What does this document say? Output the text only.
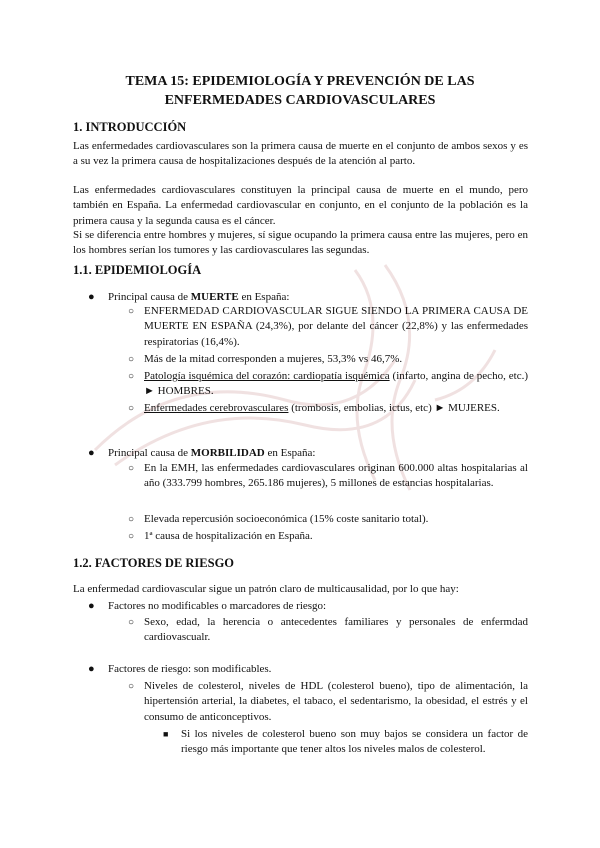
TEMA 15: EPIDEMIOLOGÍA Y PREVENCIÓN DE LAS
ENFERMEDADES CARDIOVASCULARES
1. INTRODUCCIÓN
Las enfermedades cardiovasculares son la primera causa de muerte en el conjunto de ambos sexos y es a su vez la primera causa de hospitalizaciones después de la atención al parto.
Las enfermedades cardiovasculares constituyen la principal causa de muerte en el mundo, pero también en España. La enfermedad cardiovascular en conjunto, en el conjunto de la población es la primera causa y la segunda causa es el cáncer.
Si se diferencia entre hombres y mujeres, sí sigue ocupando la primera causa entre las mujeres, pero en los hombres serían los tumores y las cardiovasculares las segundas.
1.1. EPIDEMIOLOGÍA
● Principal causa de MUERTE en España:
○ ENFERMEDAD CARDIOVASCULAR SIGUE SIENDO LA PRIMERA CAUSA DE MUERTE EN ESPAÑA (24,3%), por delante del cáncer (22,8%) y las enfermedades respiratorias (16,4%).
○ Más de la mitad corresponden a mujeres, 53,3% vs 46,7%.
○ Patología isquémica del corazón: cardiopatía isquémica (infarto, angina de pecho, etc.) ► HOMBRES.
○ Enfermedades cerebrovasculares (trombosis, embolias, ictus, etc) ► MUJERES.
● Principal causa de MORBILIDAD en España:
○ En la EMH, las enfermedades cardiovasculares originan 600.000 altas hospitalarias al año (333.799 hombres, 265.186 mujeres), 5 millones de estancias hospitalarias.
○ Elevada repercusión socioeconómica (15% coste sanitario total).
○ 1ª causa de hospitalización en España.
1.2. FACTORES DE RIESGO
La enfermedad cardiovascular sigue un patrón claro de multicausalidad, por lo que hay:
● Factores no modificables o marcadores de riesgo:
○ Sexo, edad, la herencia o antecedentes familiares y personales de enfermdad cardiovascualr.
● Factores de riesgo: son modificables.
○ Niveles de colesterol, niveles de HDL (colesterol bueno), tipo de alimentación, la hipertensión arterial, la diabetes, el tabaco, el sedentarismo, la obesidad, el estrés y el consumo de anticonceptivos.
■ Si los niveles de colesterol bueno son muy bajos se considera un factor de riesgo más importante que tener altos los niveles malos de colesterol.
